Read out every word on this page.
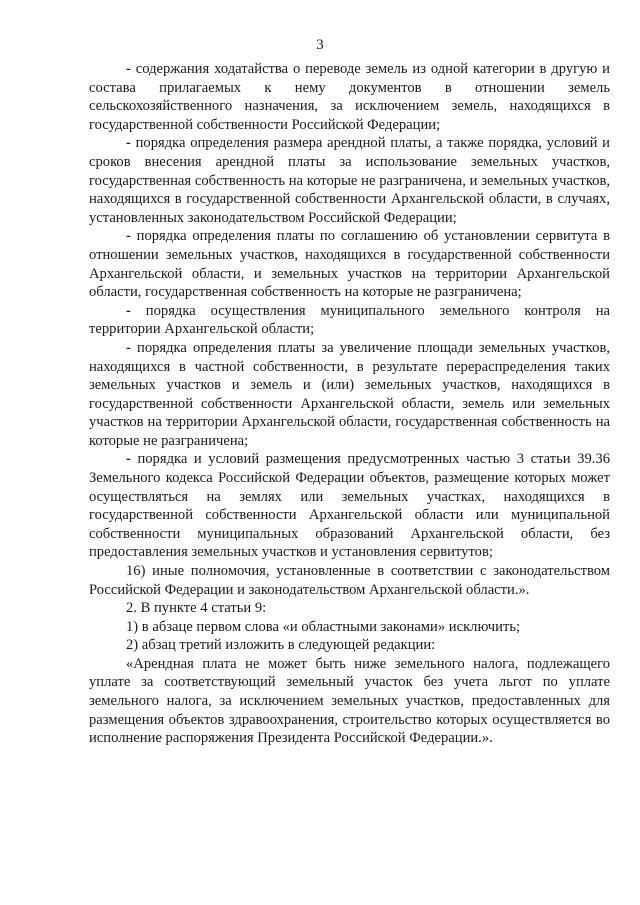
3

- содержания ходатайства о переводе земель из одной категории в другую и состава прилагаемых к нему документов в отношении земель сельскохозяйственного назначения, за исключением земель, находящихся в государственной собственности Российской Федерации;

- порядка определения размера арендной платы, а также порядка, условий и сроков внесения арендной платы за использование земельных участков, государственная собственность на которые не разграничена, и земельных участков, находящихся в государственной собственности Архангельской области, в случаях, установленных законодательством Российской Федерации;

- порядка определения платы по соглашению об установлении сервитута в отношении земельных участков, находящихся в государственной собственности Архангельской области, и земельных участков на территории Архангельской области, государственная собственность на которые не разграничена;

- порядка осуществления муниципального земельного контроля на территории Архангельской области;

- порядка определения платы за увеличение площади земельных участков, находящихся в частной собственности, в результате перераспределения таких земельных участков и земель и (или) земельных участков, находящихся в государственной собственности Архангельской области, земель или земельных участков на территории Архангельской области, государственная собственность на которые не разграничена;

- порядка и условий размещения предусмотренных частью 3 статьи 39.36 Земельного кодекса Российской Федерации объектов, размещение которых может осуществляться на землях или земельных участках, находящихся в государственной собственности Архангельской области или муниципальной собственности муниципальных образований Архангельской области, без предоставления земельных участков и установления сервитутов;

16) иные полномочия, установленные в соответствии с законодательством Российской Федерации и законодательством Архангельской области.».

2. В пункте 4 статьи 9:

1) в абзаце первом слова «и областными законами» исключить;

2) абзац третий изложить в следующей редакции:

«Арендная плата не может быть ниже земельного налога, подлежащего уплате за соответствующий земельный участок без учета льгот по уплате земельного налога, за исключением земельных участков, предоставленных для размещения объектов здравоохранения, строительство которых осуществляется во исполнение распоряжения Президента Российской Федерации.».
